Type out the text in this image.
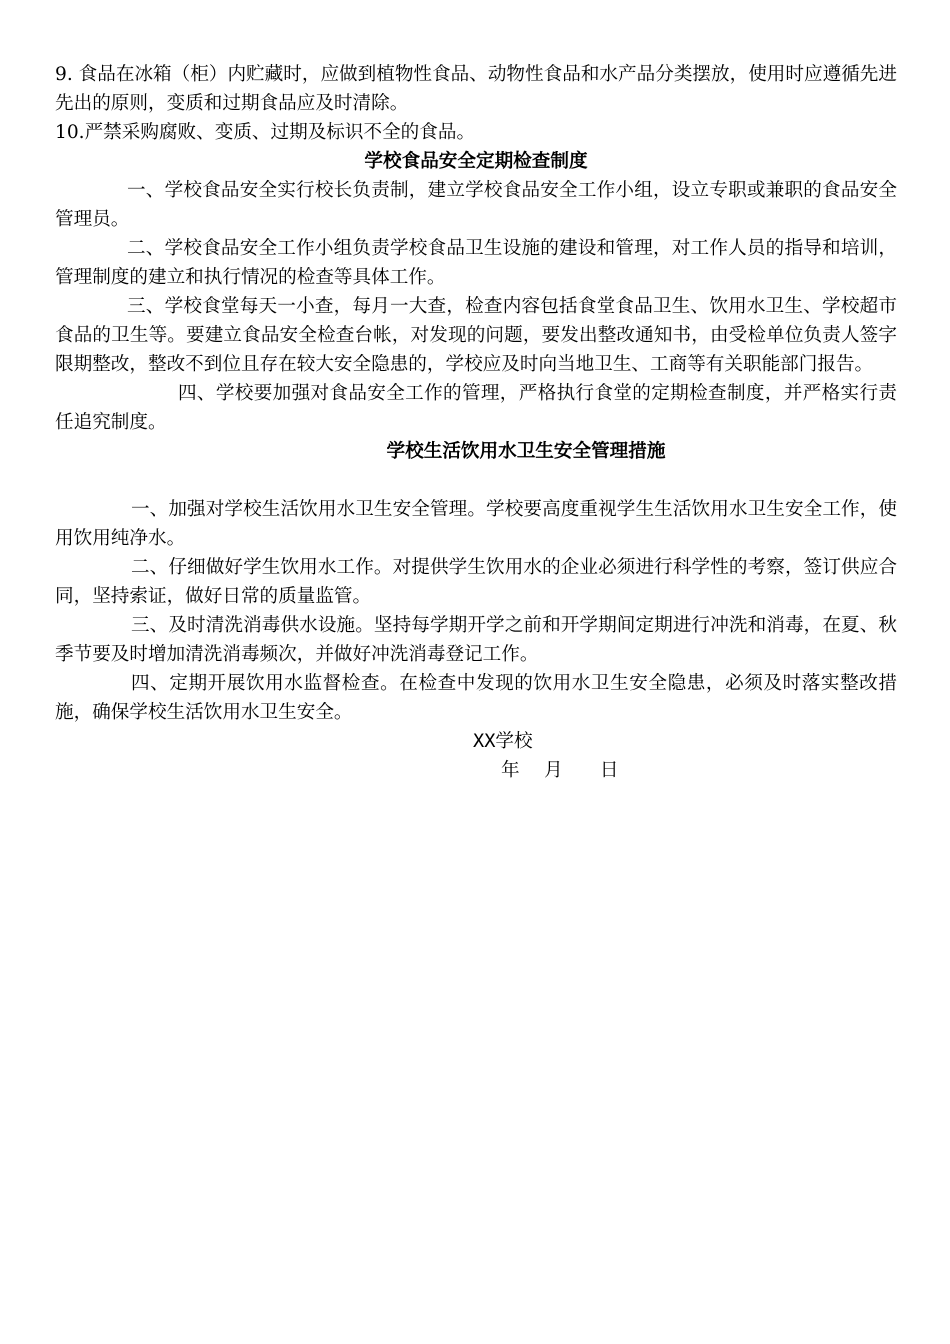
9. 食品在冰箱（柜）内贮藏时，应做到植物性食品、动物性食品和水产品分类摆放，使用时应遵循先进先出的原则，变质和过期食品应及时清除。

10.严禁采购腐败、变质、过期及标识不全的食品。

学校食品安全定期检查制度

一、学校食品安全实行校长负责制，建立学校食品安全工作小组，设立专职或兼职的食品安全管理员。

二、学校食品安全工作小组负责学校食品卫生设施的建设和管理，对工作人员的指导和培训，管理制度的建立和执行情况的检查等具体工作。

三、学校食堂每天一小查，每月一大查，检查内容包括食堂食品卫生、饮用水卫生、学校超市食品的卫生等。要建立食品安全检查台帐，对发现的问题，要发出整改通知书，由受检单位负责人签字限期整改，整改不到位且存在较大安全隐患的，学校应及时向当地卫生、工商等有关职能部门报告。

四、学校要加强对食品安全工作的管理，严格执行食堂的定期检查制度，并严格实行责任追究制度。

学校生活饮用水卫生安全管理措施

一、加强对学校生活饮用水卫生安全管理。学校要高度重视学生生活饮用水卫生安全工作，使用饮用纯净水。

二、仔细做好学生饮用水工作。对提供学生饮用水的企业必须进行科学性的考察，签订供应合同，坚持索证，做好日常的质量监管。

三、及时清洗消毒供水设施。坚持每学期开学之前和开学期间定期进行冲洗和消毒，在夏、秋季节要及时增加清洗消毒频次，并做好冲洗消毒登记工作。

四、定期开展饮用水监督检查。在检查中发现的饮用水卫生安全隐患，必须及时落实整改措施，确保学校生活饮用水卫生安全。

XX学校
年　 月　　日
